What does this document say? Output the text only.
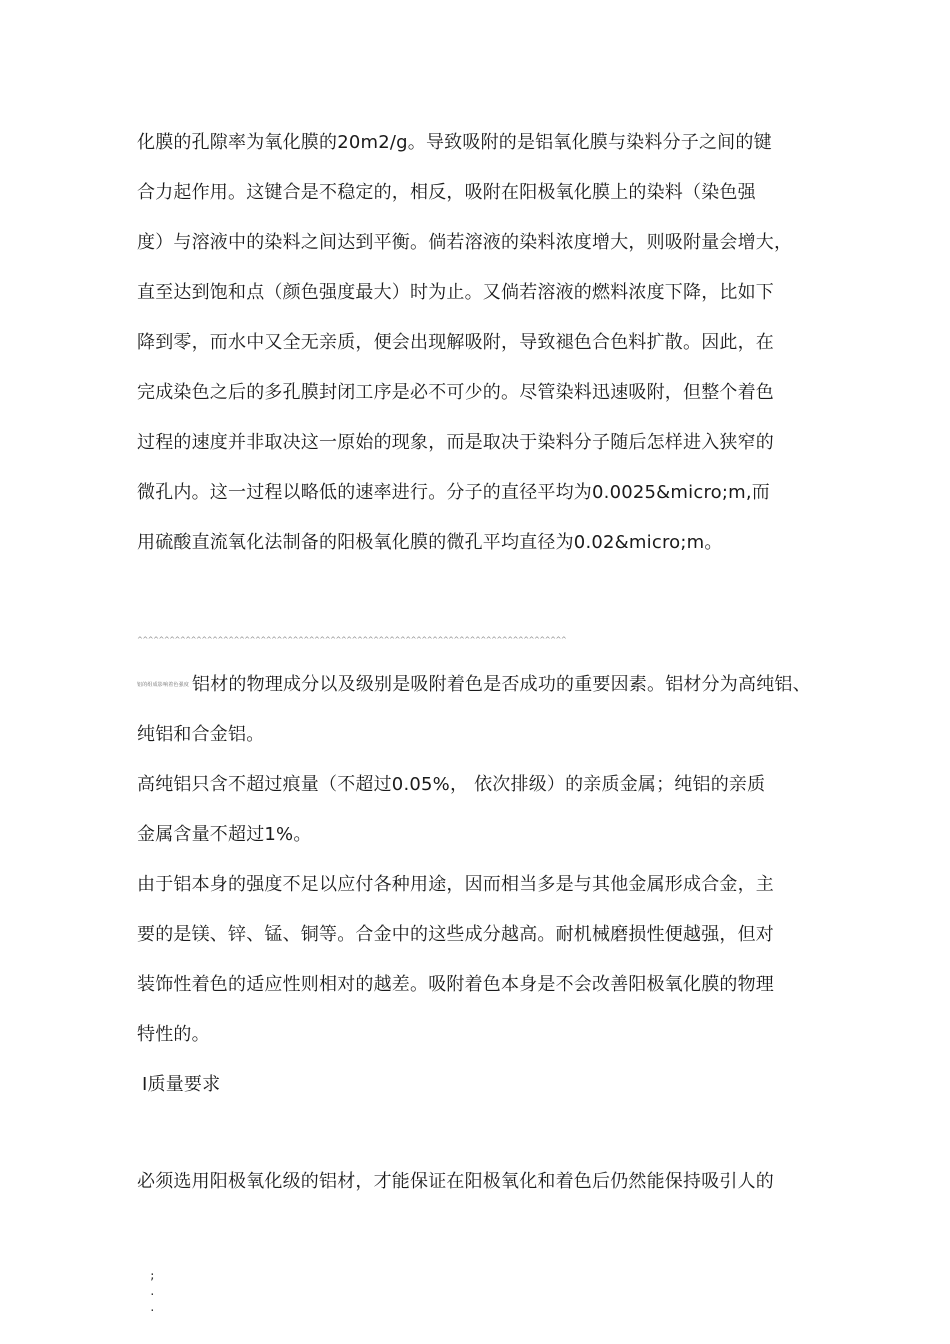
化膜的孔隙率为氧化膜的20m2/g。导致吸附的是铝氧化膜与染料分子之间的键
合力起作用。这键合是不稳定的，相反，吸附在阳极氧化膜上的染料（染色强
度）与溶液中的染料之间达到平衡。倘若溶液的染料浓度增大，则吸附量会增大，
直至达到饱和点（颜色强度最大）时为止。又倘若溶液的燃料浓度下降，比如下
降到零，而水中又全无亲质，便会出现解吸附，导致褪色合色料扩散。因此，在
完成染色之后的多孔膜封闭工序是必不可少的。尽管染料迅速吸附，但整个着色
过程的速度并非取决这一原始的现象，而是取决于染料分子随后怎样进入狭窄的
微孔内。这一过程以略低的速率进行。分子的直径平均为0.0025&micro;m,而
用硫酸直流氧化法制备的阳极氧化膜的微孔平均直径为0.02&micro;m。
^^^^^^^^^^^^^^^^^^^^^^^^^^^^^^^^^^^^^^^^^^^^^^^^^^^^^^^^^^^^^^^^^^^^^^^^^^^^^^^^
铝的组成影响着色强度 铝材的物理成分以及级别是吸附着色是否成功的重要因素。铝材分为高纯铝、
纯铝和合金铝。
高纯铝只含不超过痕量（不超过0.05%， 依次排级）的亲质金属；纯铝的亲质
金属含量不超过1%。
由于铝本身的强度不足以应付各种用途，因而相当多是与其他金属形成合金，主
要的是镁、锌、锰、铜等。合金中的这些成分越高。耐机械磨损性便越强，但对
装饰性着色的适应性则相对的越差。吸附着色本身是不会改善阳极氧化膜的物理
特性的。
Ⅰ质量要求
必须选用阳极氧化级的铝材，才能保证在阳极氧化和着色后仍然能保持吸引人的
;
.
.
